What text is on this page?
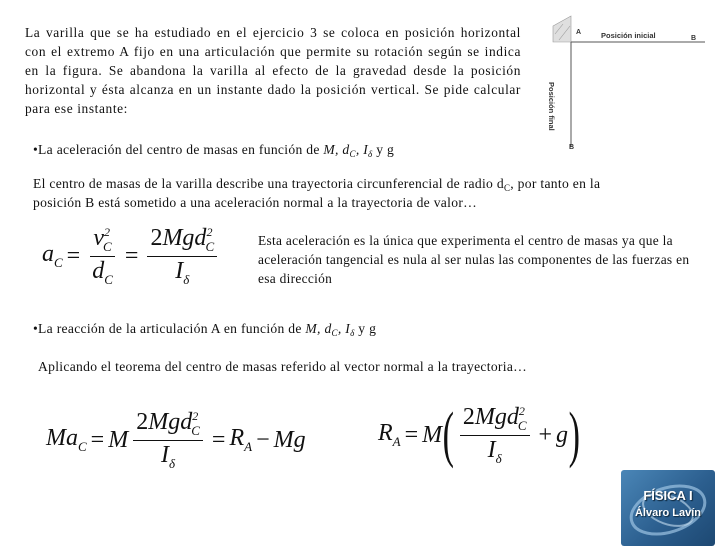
La varilla que se ha estudiado en el ejercicio 3 se coloca en posición horizontal con el extremo A fijo en una articulación que permite su rotación según se indica en la figura. Se abandona la varilla al efecto de la gravedad desde la posición horizontal y ésta alcanza en un instante dado la posición vertical. Se pide calcular para ese instante:
A	Posición inicial	B
Posición final
B
•La aceleración del centro de masas en función de M, $d_C$, $I_\delta$ y g
El centro de masas de la varilla describe una trayectoria circunferencial de radio $d_C$, por tanto en la
posición B está sometido a una aceleración normal a la trayectoria de valor…
$a_C = \frac{v^2_C}{d_C} = \frac{2Mgd^2_C}{I_\delta}$	Esta aceleración es la única que experimenta el centro de masas ya que la aceleración tangencial es nula al ser nulas las componentes de las fuerzas en esa dirección
•La reacción de la articulación A en función de M, $d_C$, $I_\delta$ y g
Aplicando el teorema del centro de masas referido al vector normal a la trayectoria…
$Ma_C = M \frac{2Mgd^2_C}{I_\delta} = R_A - Mg$	$R_A = M$ ( $\frac{2Mgd^2_C}{I_\delta} + g$ )
FÍSICA I
Álvaro Lavín
